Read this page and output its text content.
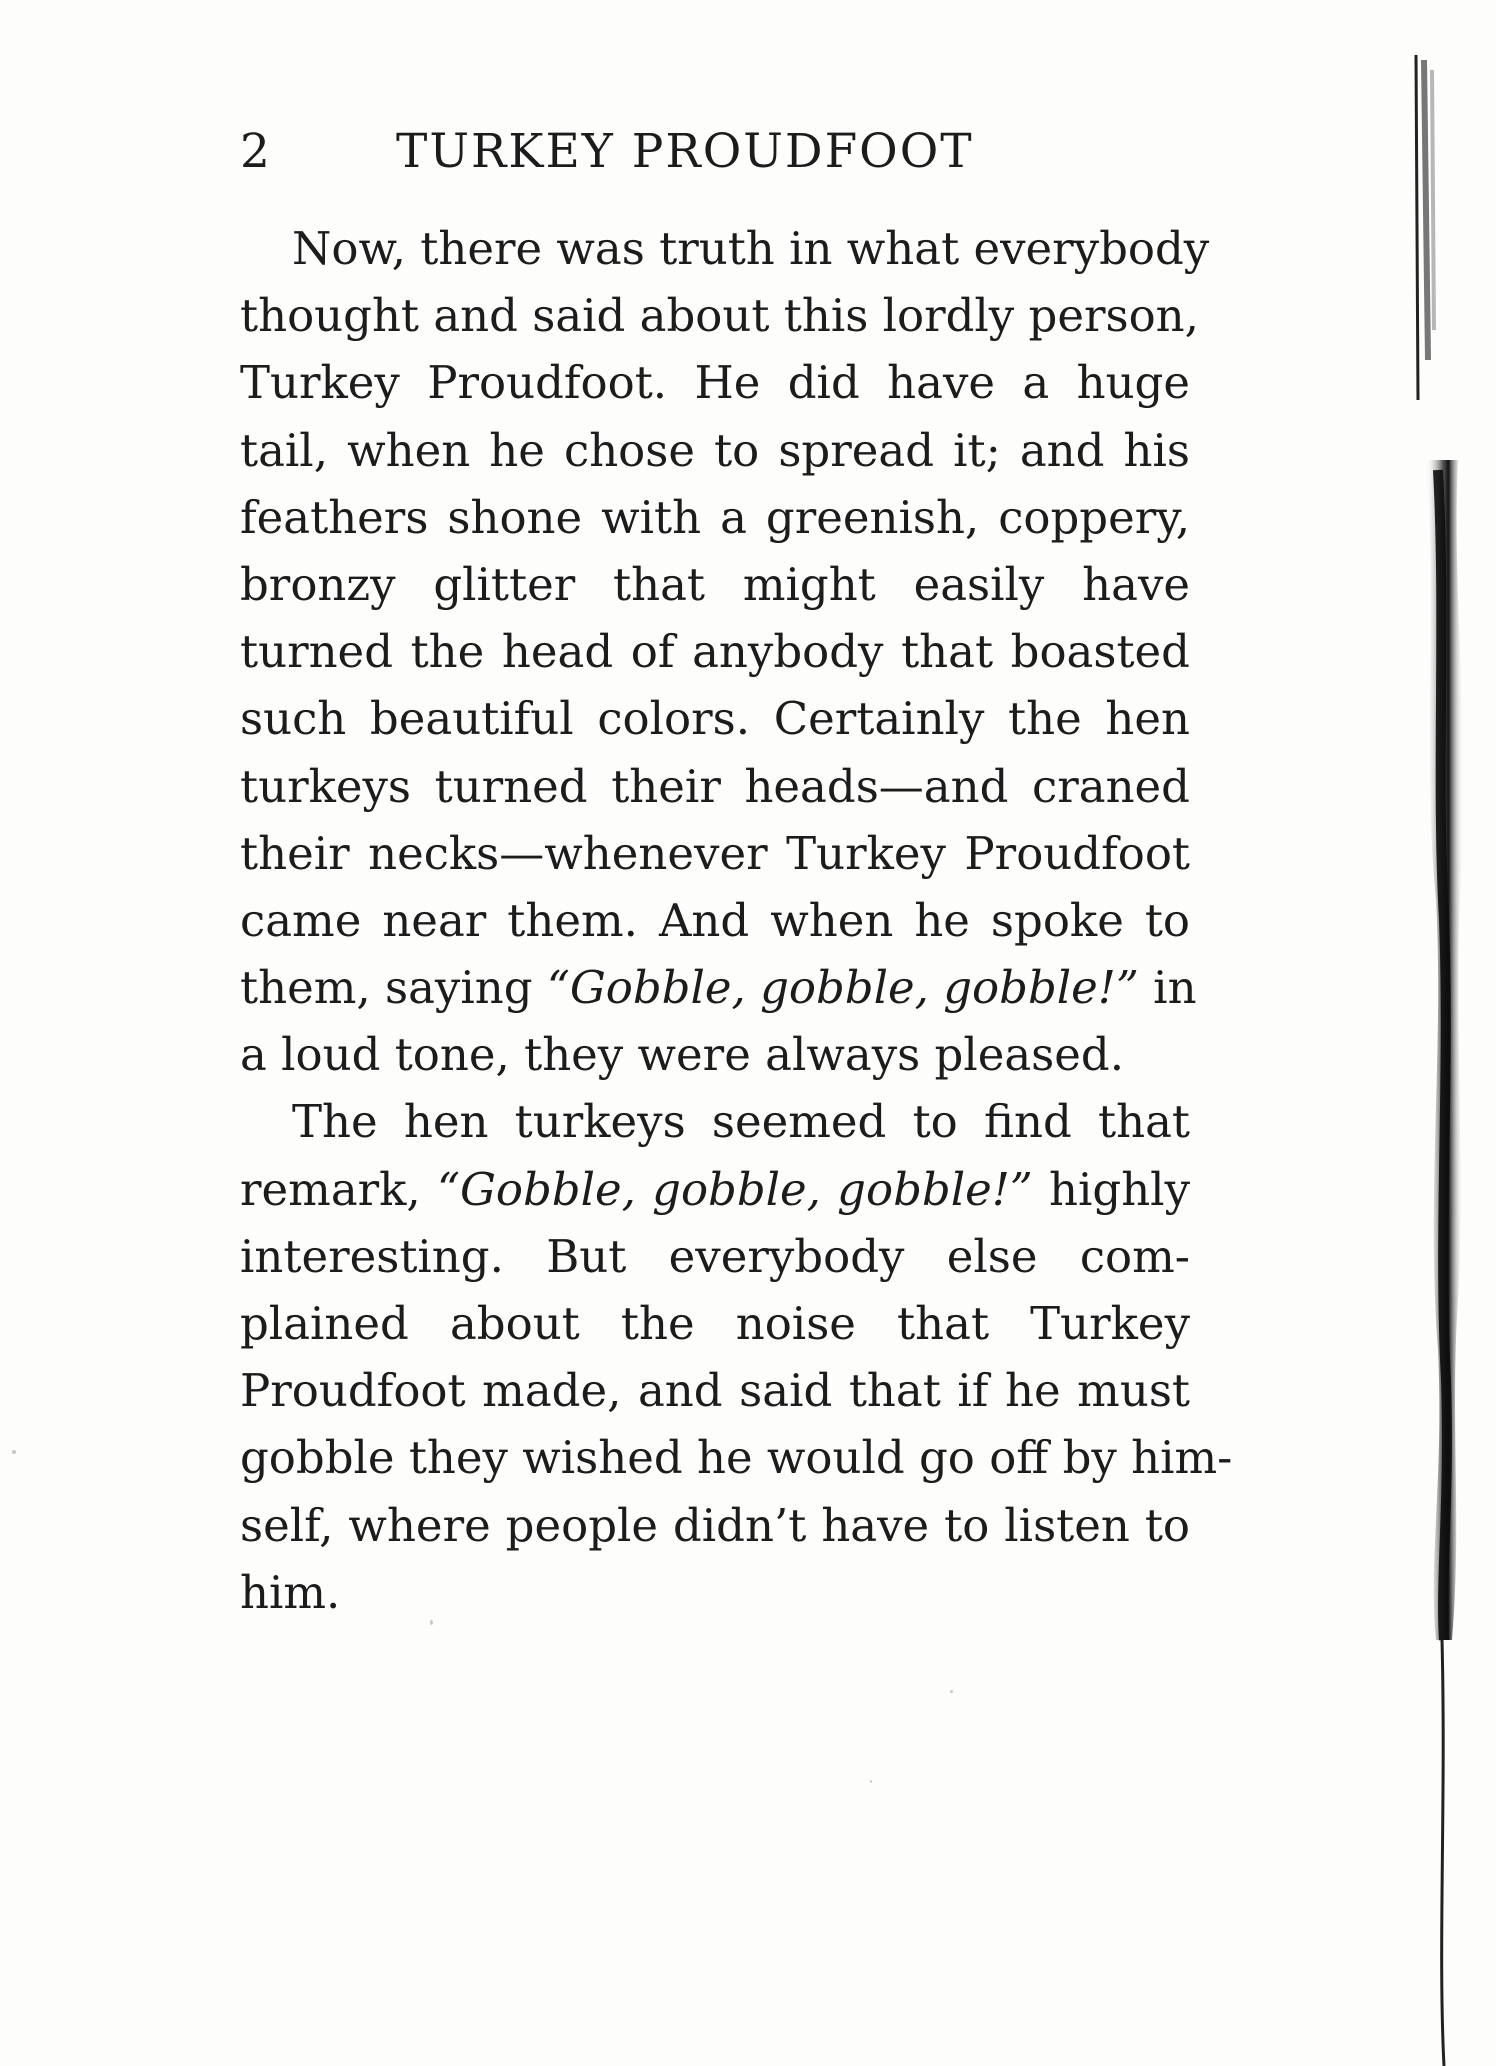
2	TURKEY PROUDFOOT
Now, there was truth in what everybody
thought and said about this lordly person,
Turkey Proudfoot. He did have a huge
tail, when he chose to spread it; and his
feathers shone with a greenish, coppery,
bronzy glitter that might easily have
turned the head of anybody that boasted
such beautiful colors. Certainly the hen
turkeys turned their heads—and craned
their necks—whenever Turkey Proudfoot
came near them. And when he spoke to
them, saying “Gobble, gobble, gobble!” in
a loud tone, they were always pleased.
The hen turkeys seemed to find that
remark, “Gobble, gobble, gobble!” highly
interesting. But everybody else com-
plained about the noise that Turkey
Proudfoot made, and said that if he must
gobble they wished he would go off by him-
self, where people didn’t have to listen to
him.
